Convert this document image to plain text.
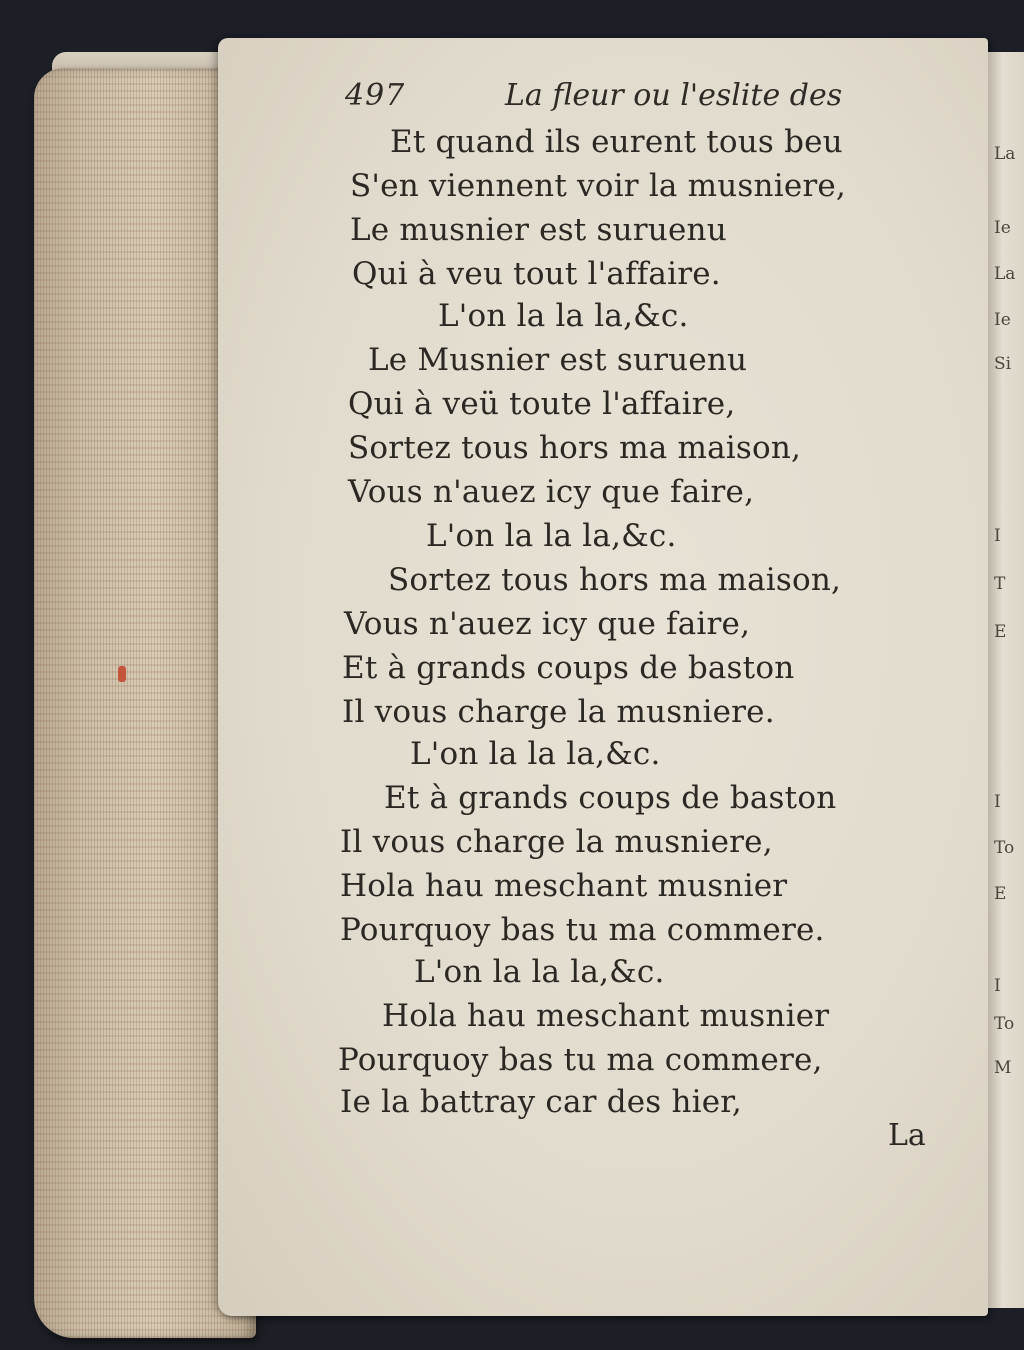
La
Ie
La
Ie
Si
I
T
E
I
To
E
I
To
M
497	La fleur ou l'eslite des
Et quand ils eurent tous beu
S'en viennent voir la musniere,
Le musnier est suruenu
Qui à veu tout l'affaire.
L'on la la la,&c.
Le Musnier est suruenu
Qui à veü toute l'affaire,
Sortez tous hors ma maison,
Vous n'auez icy que faire,
L'on la la la,&c.
Sortez tous hors ma maison,
Vous n'auez icy que faire,
Et à grands coups de baston
Il vous charge la musniere.
L'on la la la,&c.
Et à grands coups de baston
Il vous charge la musniere,
Hola hau meschant musnier
Pourquoy bas tu ma commere.
L'on la la la,&c.
Hola hau meschant musnier
Pourquoy bas tu ma commere,
Ie la battray car des hier,
La
